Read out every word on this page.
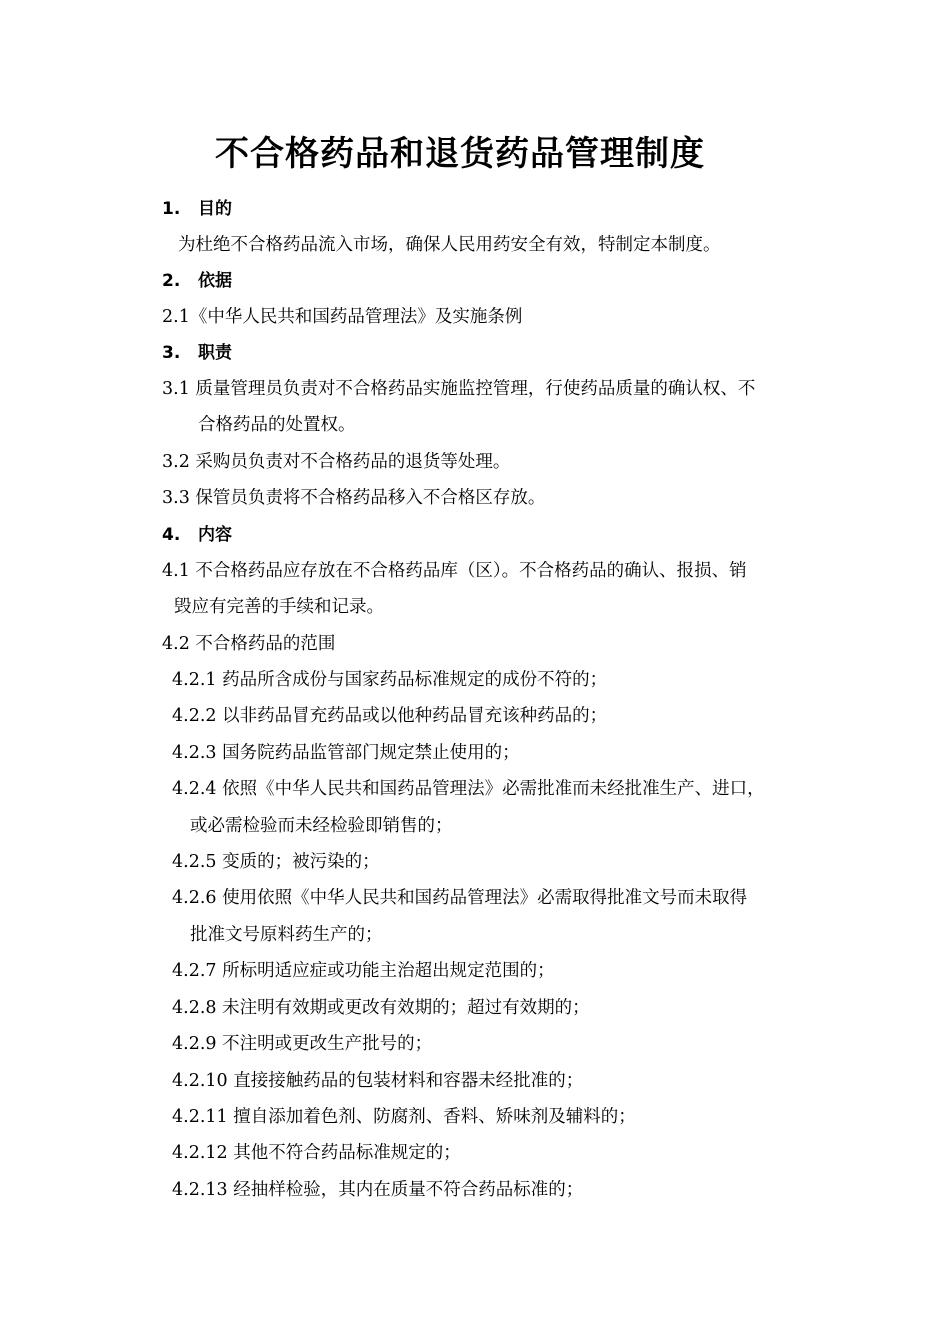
不合格药品和退货药品管理制度
1. 目的
为杜绝不合格药品流入市场，确保人民用药安全有效，特制定本制度。
2. 依据
2.1《中华人民共和国药品管理法》及实施条例
3. 职责
3.1 质量管理员负责对不合格药品实施监控管理，行使药品质量的确认权、不
合格药品的处置权。
3.2 采购员负责对不合格药品的退货等处理。
3.3 保管员负责将不合格药品移入不合格区存放。
4. 内容
4.1 不合格药品应存放在不合格药品库（区）。不合格药品的确认、报损、销
毁应有完善的手续和记录。
4.2 不合格药品的范围
4.2.1 药品所含成份与国家药品标准规定的成份不符的；
4.2.2 以非药品冒充药品或以他种药品冒充该种药品的；
4.2.3 国务院药品监管部门规定禁止使用的；
4.2.4 依照《中华人民共和国药品管理法》必需批准而未经批准生产、进口，
或必需检验而未经检验即销售的；
4.2.5 变质的；被污染的；
4.2.6 使用依照《中华人民共和国药品管理法》必需取得批准文号而未取得
批准文号原料药生产的；
4.2.7 所标明适应症或功能主治超出规定范围的；
4.2.8 未注明有效期或更改有效期的；超过有效期的；
4.2.9 不注明或更改生产批号的；
4.2.10 直接接触药品的包装材料和容器未经批准的；
4.2.11 擅自添加着色剂、防腐剂、香料、矫味剂及辅料的；
4.2.12 其他不符合药品标准规定的；
4.2.13 经抽样检验，其内在质量不符合药品标准的；
